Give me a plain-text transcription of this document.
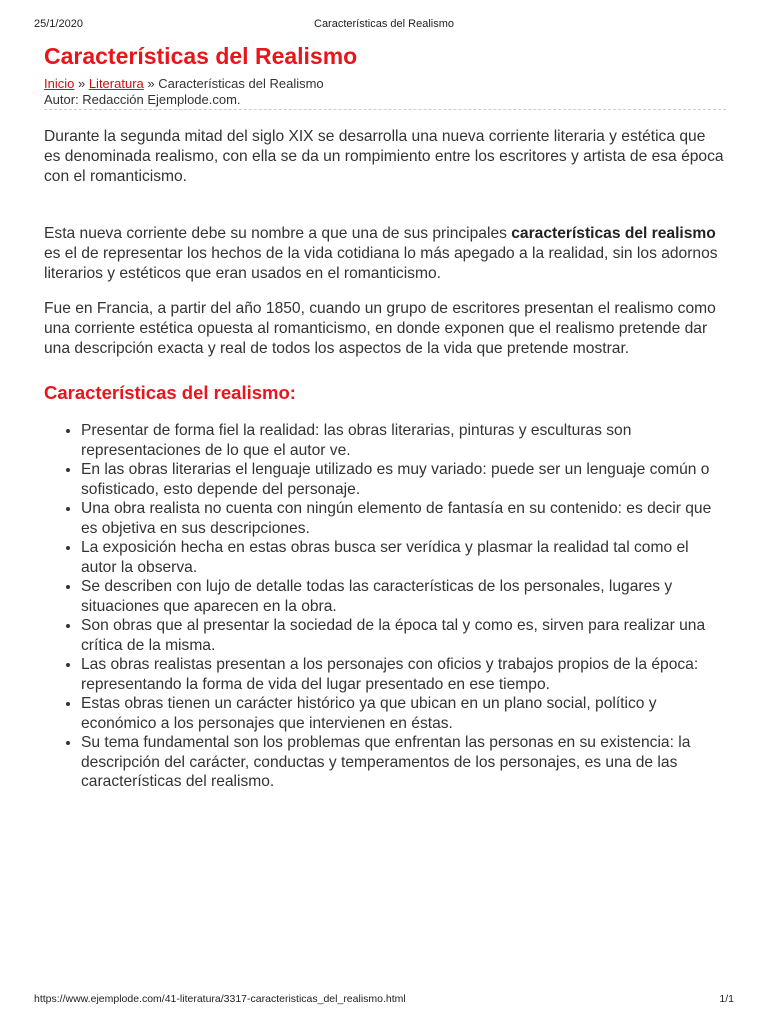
25/1/2020	Características del Realismo
Características del Realismo
Inicio » Literatura » Características del Realismo
Autor: Redacción Ejemplode.com.

Durante la segunda mitad del siglo XIX se desarrolla una nueva corriente literaria y estética que es denominada realismo, con ella se da un rompimiento entre los escritores y artista de esa época con el romanticismo.

Esta nueva corriente debe su nombre a que una de sus principales características del realismo es el de representar los hechos de la vida cotidiana lo más apegado a la realidad, sin los adornos literarios y estéticos que eran usados en el romanticismo.

Fue en Francia, a partir del año 1850, cuando un grupo de escritores presentan el realismo como una corriente estética opuesta al romanticismo, en donde exponen que el realismo pretende dar una descripción exacta y real de todos los aspectos de la vida que pretende mostrar.

Características del realismo:
• Presentar de forma fiel la realidad: las obras literarias, pinturas y esculturas son representaciones de lo que el autor ve.
• En las obras literarias el lenguaje utilizado es muy variado: puede ser un lenguaje común o sofisticado, esto depende del personaje.
• Una obra realista no cuenta con ningún elemento de fantasía en su contenido: es decir que es objetiva en sus descripciones.
• La exposición hecha en estas obras busca ser verídica y plasmar la realidad tal como el autor la observa.
• Se describen con lujo de detalle todas las características de los personales, lugares y situaciones que aparecen en la obra.
• Son obras que al presentar la sociedad de la época tal y como es, sirven para realizar una crítica de la misma.
• Las obras realistas presentan a los personajes con oficios y trabajos propios de la época: representando la forma de vida del lugar presentado en ese tiempo.
• Estas obras tienen un carácter histórico ya que ubican en un plano social, político y económico a los personajes que intervienen en éstas.
• Su tema fundamental son los problemas que enfrentan las personas en su existencia: la descripción del carácter, conductas y temperamentos de los personajes, es una de las características del realismo.
https://www.ejemplode.com/41-literatura/3317-caracteristicas_del_realismo.html	1/1
